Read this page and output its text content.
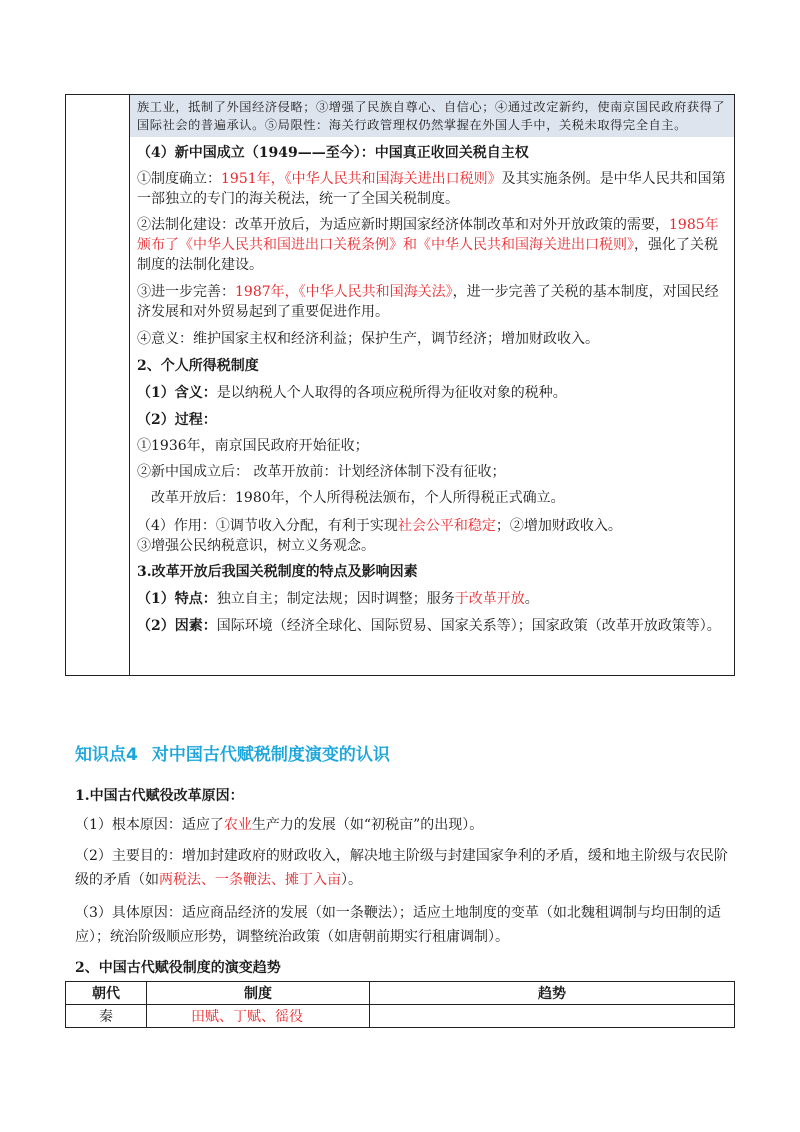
族工业，抵制了外国经济侵略；③增强了民族自尊心、自信心；④通过改定新约，使南京国民政府获得了国际社会的普遍承认。⑤局限性：海关行政管理权仍然掌握在外国人手中，关税未取得完全自主。

（4）新中国成立（1949——至今）：中国真正收回关税自主权

①制度确立：1951年，《中华人民共和国海关进出口税则》及其实施条例。是中华人民共和国第一部独立的专门的海关税法，统一了全国关税制度。

②法制化建设：改革开放后，为适应新时期国家经济体制改革和对外开放政策的需要，1985年颁布了《中华人民共和国进出口关税条例》和《中华人民共和国海关进出口税则》，强化了关税制度的法制化建设。

③进一步完善：1987年，《中华人民共和国海关法》，进一步完善了关税的基本制度，对国民经济发展和对外贸易起到了重要促进作用。

④意义：维护国家主权和经济利益；保护生产，调节经济；增加财政收入。

2、个人所得税制度

（1）含义：是以纳税人个人取得的各项应税所得为征收对象的税种。

（2）过程：

①1936年，南京国民政府开始征收；

②新中国成立后： 改革开放前：计划经济体制下没有征收；

改革开放后：1980年，个人所得税法颁布，个人所得税正式确立。

（4）作用：①调节收入分配，有利于实现社会公平和稳定；②增加财政收入。

③增强公民纳税意识，树立义务观念。

3.改革开放后我国关税制度的特点及影响因素

（1）特点：独立自主；制定法规；因时调整；服务于改革开放。

（2）因素：国际环境（经济全球化、国际贸易、国家关系等）；国家政策（改革开放政策等）。

知识点4 对中国古代赋税制度演变的认识

1.中国古代赋役改革原因：

（1）根本原因：适应了农业生产力的发展（如“初税亩”的出现）。

（2）主要目的：增加封建政府的财政收入，解决地主阶级与封建国家争利的矛盾，缓和地主阶级与农民阶级的矛盾（如两税法、一条鞭法、摊丁入亩）。

（3）具体原因：适应商品经济的发展（如一条鞭法）；适应土地制度的变革（如北魏租调制与均田制的适应）；统治阶级顺应形势，调整统治政策（如唐朝前期实行租庸调制）。

2、中国古代赋役制度的演变趋势

朝代	制度	趋势
秦	田赋、丁赋、徭役	
